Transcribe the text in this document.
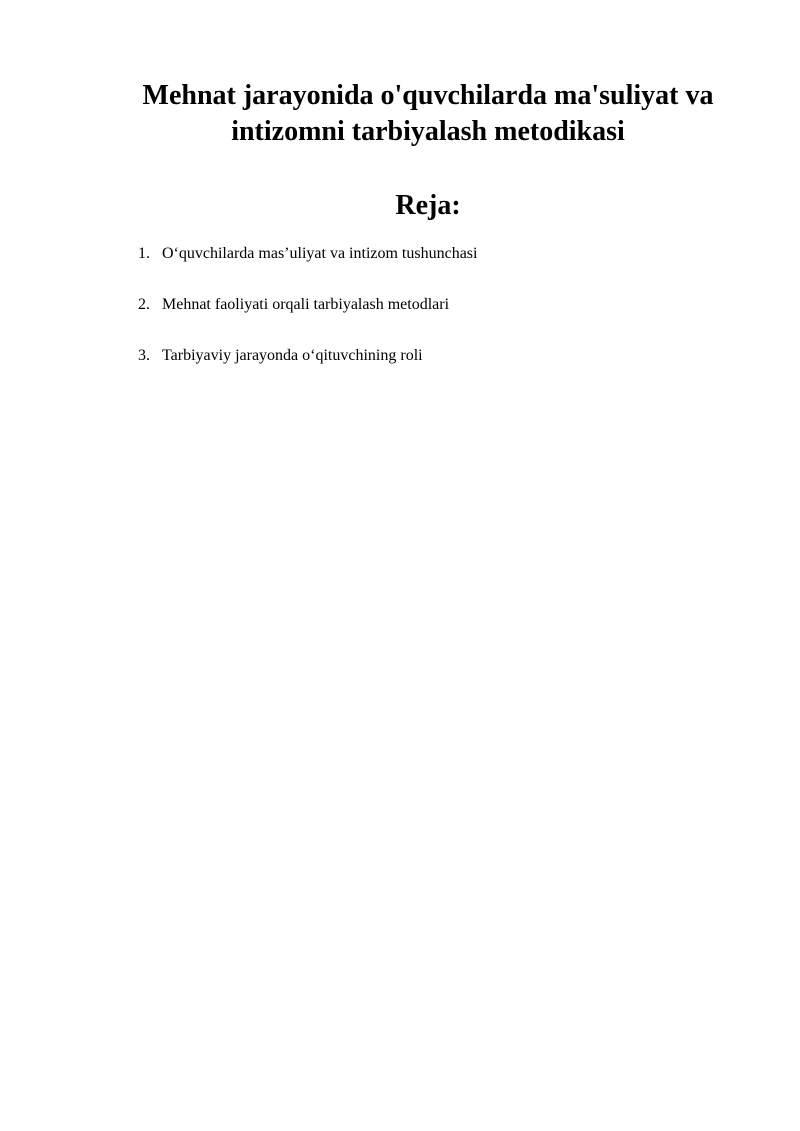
Mehnat jarayonida o'quvchilarda ma'suliyat va
intizomni tarbiyalash metodikasi
Reja:
1. O‘quvchilarda mas’uliyat va intizom tushunchasi
2. Mehnat faoliyati orqali tarbiyalash metodlari
3. Tarbiyaviy jarayonda o‘qituvchining roli
